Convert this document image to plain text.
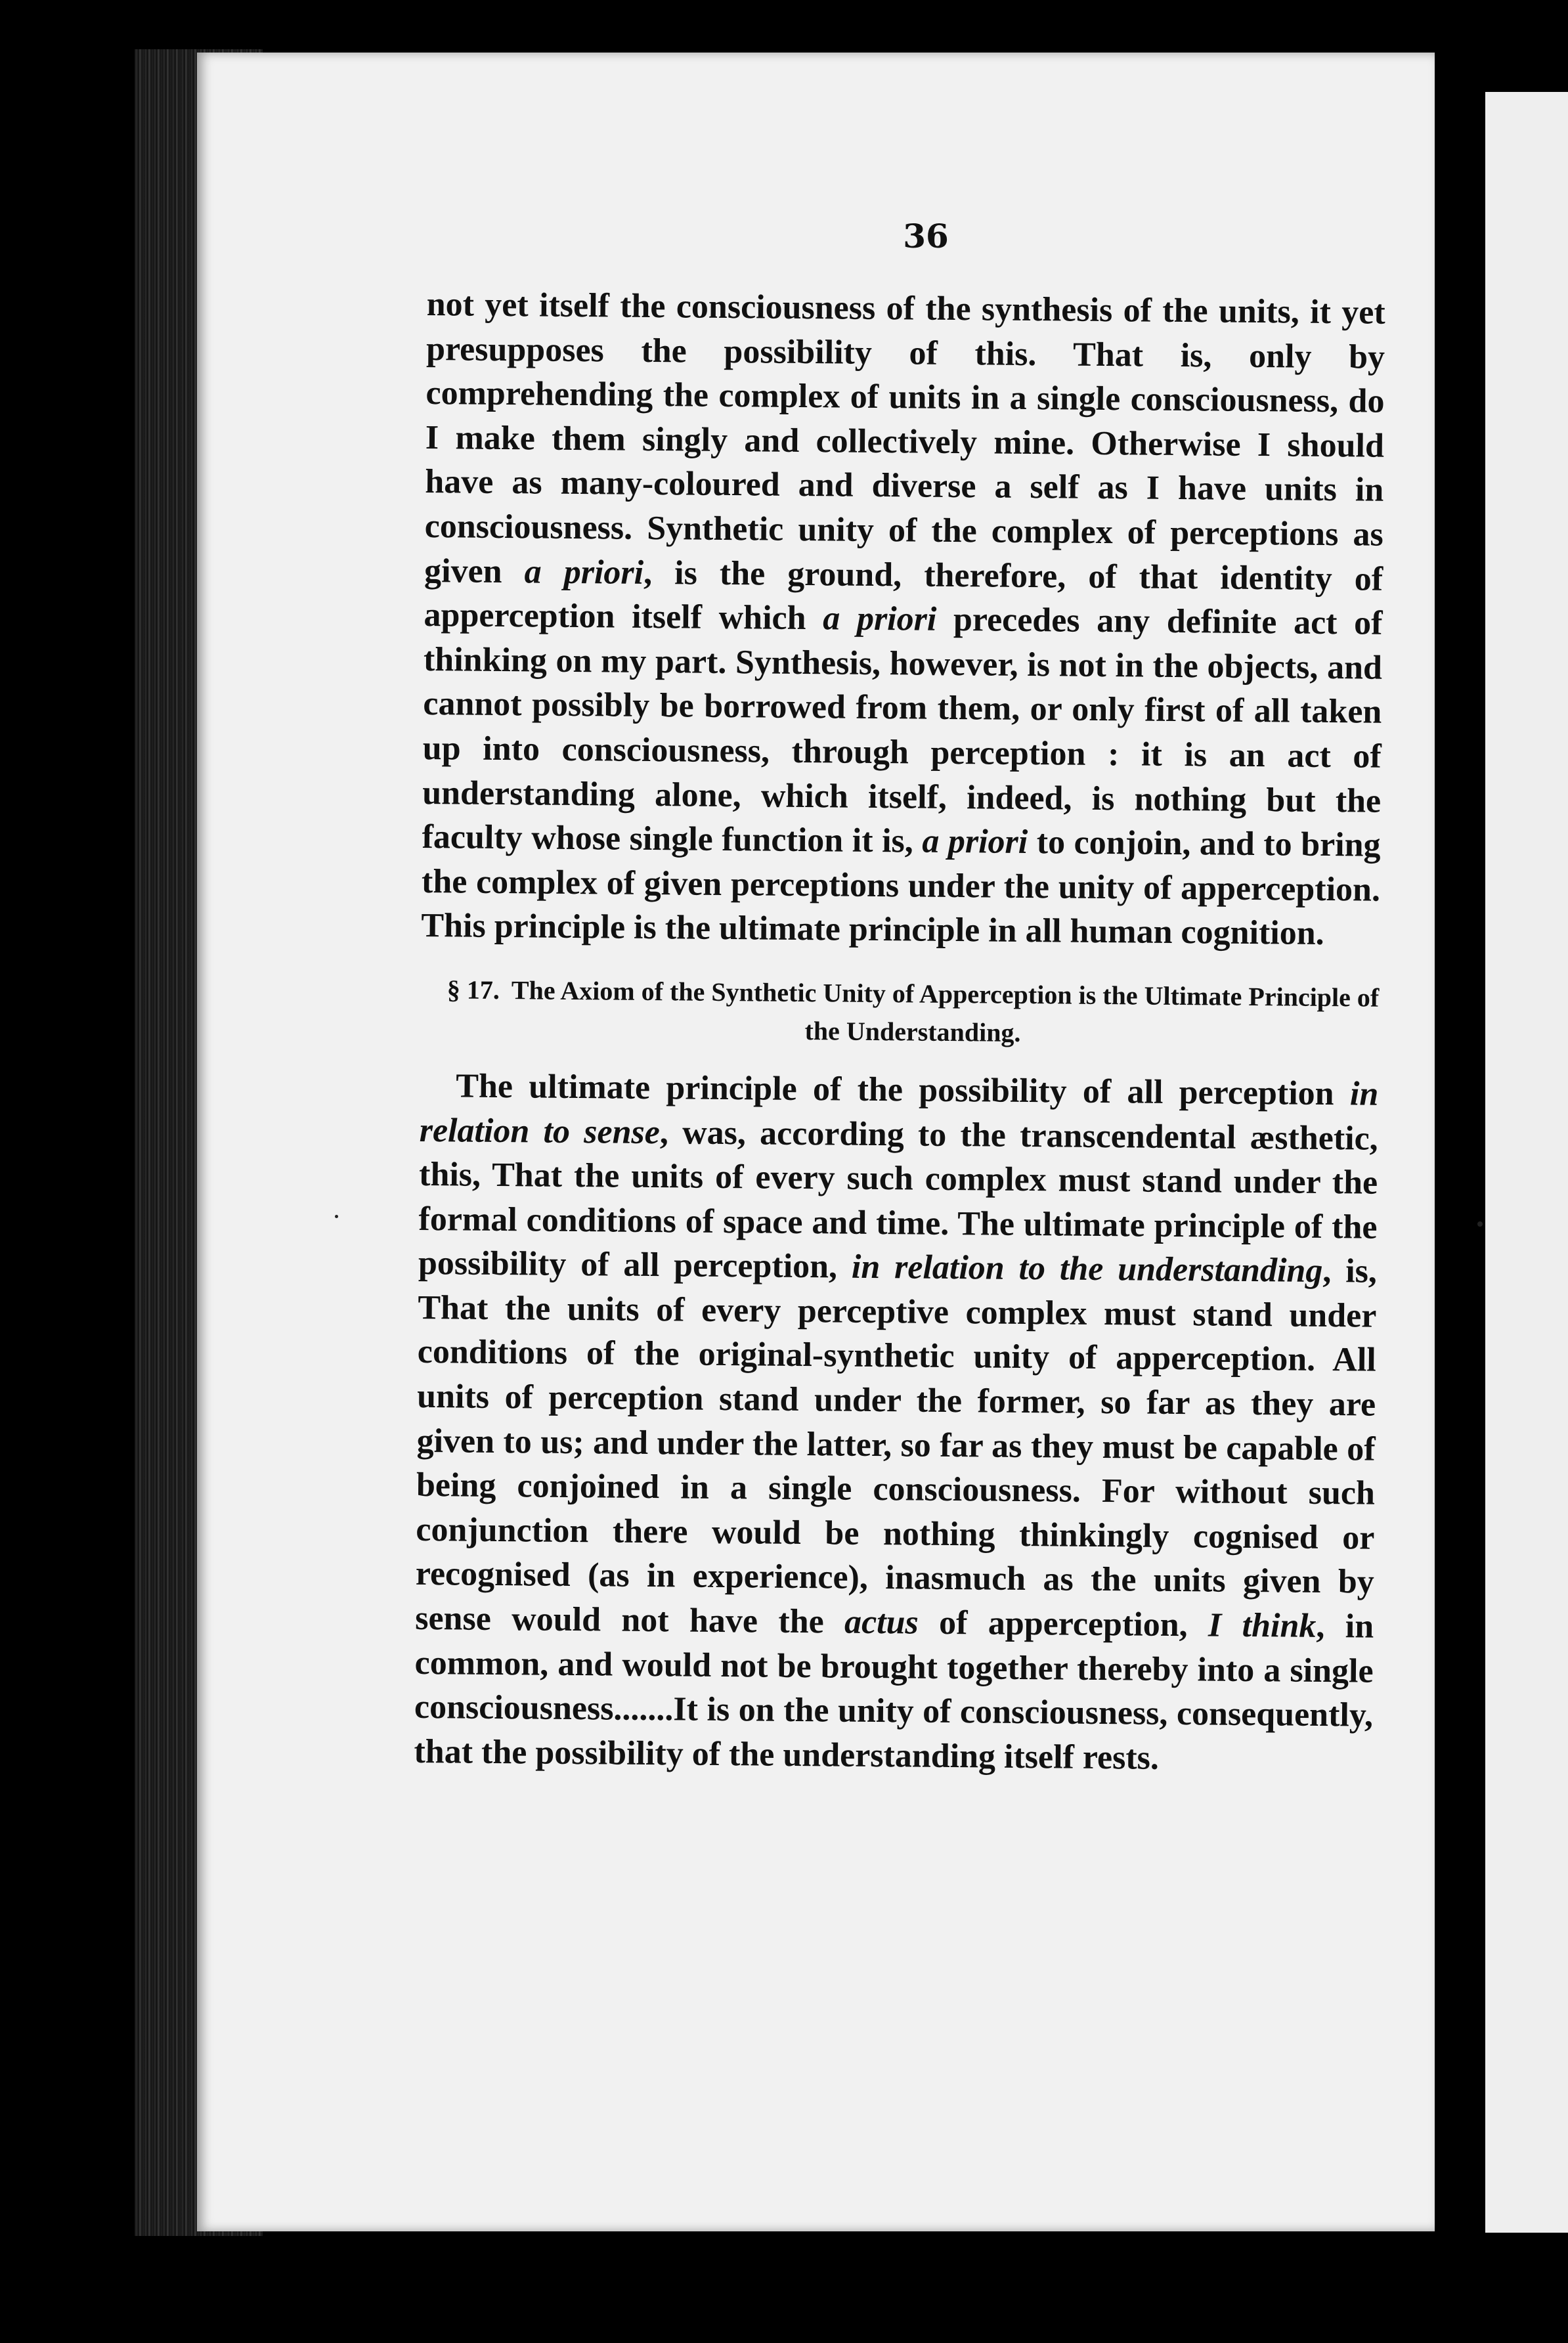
36

not yet itself the consciousness of the synthesis of the units, it yet presupposes the possibility of this. That is, only by comprehending the complex of units in a single consciousness, do I make them singly and collectively mine. Otherwise I should have as many-coloured and diverse a self as I have units in consciousness. Synthetic unity of the complex of perceptions as given a priori, is the ground, therefore, of that identity of apperception itself which a priori precedes any definite act of thinking on my part. Synthesis, however, is not in the objects, and cannot possibly be borrowed from them, or only first of all taken up into consciousness, through perception : it is an act of understanding alone, which itself, indeed, is nothing but the faculty whose single function it is, a priori to conjoin, and to bring the complex of given perceptions under the unity of apperception. This principle is the ultimate principle in all human cognition.

§ 17. The Axiom of the Synthetic Unity of Apperception is the Ultimate Principle of the Understanding.

The ultimate principle of the possibility of all perception in relation to sense, was, according to the transcendental æsthetic, this, That the units of every such complex must stand under the formal conditions of space and time. The ultimate principle of the possibility of all perception, in relation to the understanding, is, That the units of every perceptive complex must stand under conditions of the original-synthetic unity of apperception. All units of perception stand under the former, so far as they are given to us; and under the latter, so far as they must be capable of being conjoined in a single consciousness. For without such conjunction there would be nothing thinkingly cognised or recognised (as in experience), inasmuch as the units given by sense would not have the actus of apperception, I think, in common, and would not be brought together thereby into a single consciousness.......It is on the unity of consciousness, consequently, that the possibility of the understanding itself rests.
